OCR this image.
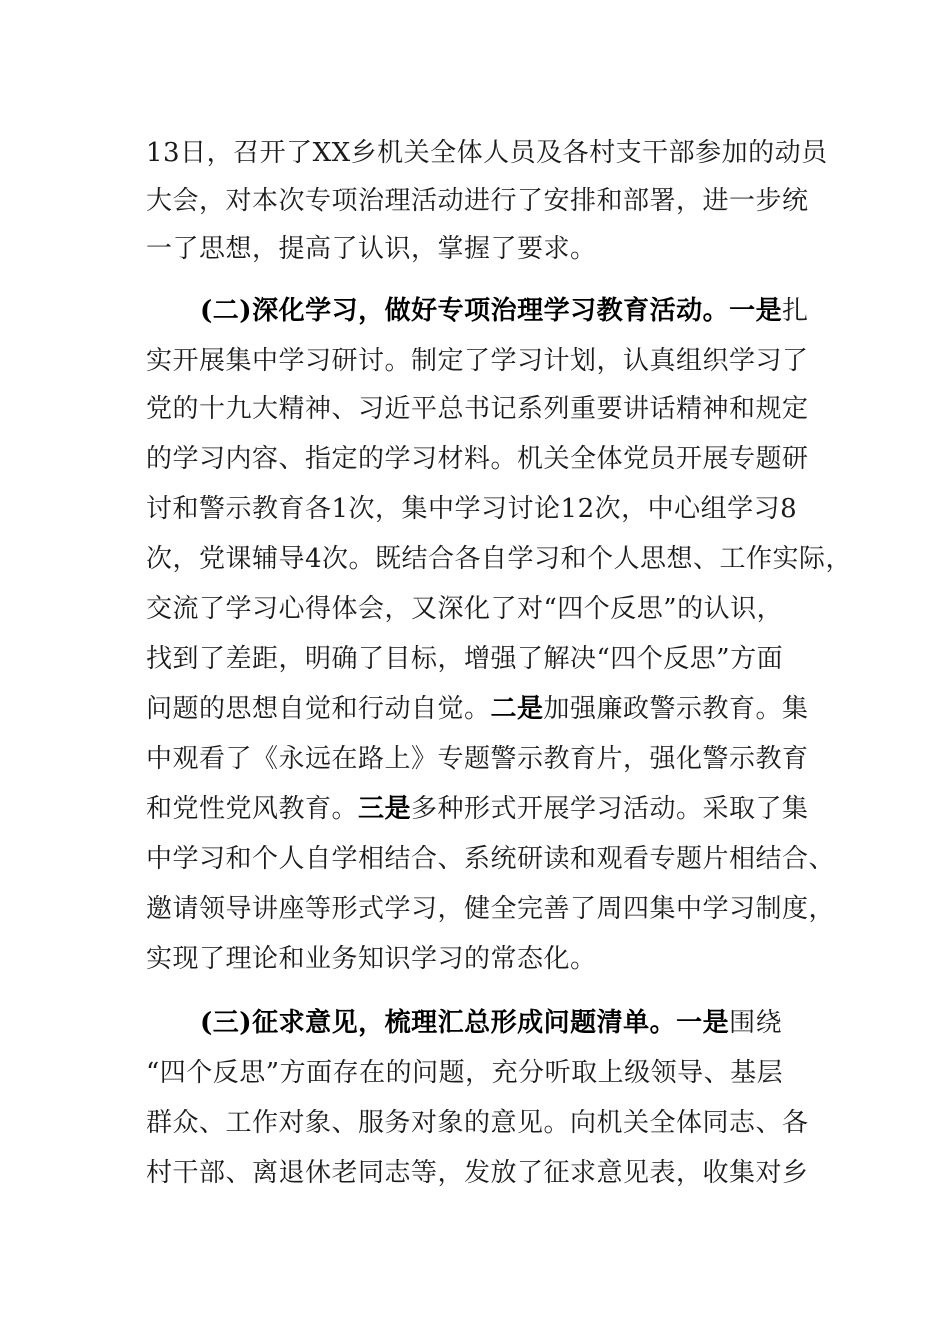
13日，召开了XX乡机关全体人员及各村支干部参加的动员
大会，对本次专项治理活动进行了安排和部署，进一步统
一了思想，提高了认识，掌握了要求。
(二)深化学习，做好专项治理学习教育活动。一是扎
实开展集中学习研讨。制定了学习计划，认真组织学习了
党的十九大精神、习近平总书记系列重要讲话精神和规定
的学习内容、指定的学习材料。机关全体党员开展专题研
讨和警示教育各1次，集中学习讨论12次，中心组学习8
次，党课辅导4次。既结合各自学习和个人思想、工作实际，
交流了学习心得体会，又深化了对“四个反思”的认识，
找到了差距，明确了目标，增强了解决“四个反思”方面
问题的思想自觉和行动自觉。二是加强廉政警示教育。集
中观看了《永远在路上》专题警示教育片，强化警示教育
和党性党风教育。三是多种形式开展学习活动。采取了集
中学习和个人自学相结合、系统研读和观看专题片相结合、
邀请领导讲座等形式学习，健全完善了周四集中学习制度，
实现了理论和业务知识学习的常态化。
(三)征求意见，梳理汇总形成问题清单。一是围绕
“四个反思”方面存在的问题，充分听取上级领导、基层
群众、工作对象、服务对象的意见。向机关全体同志、各
村干部、离退休老同志等，发放了征求意见表，收集对乡
